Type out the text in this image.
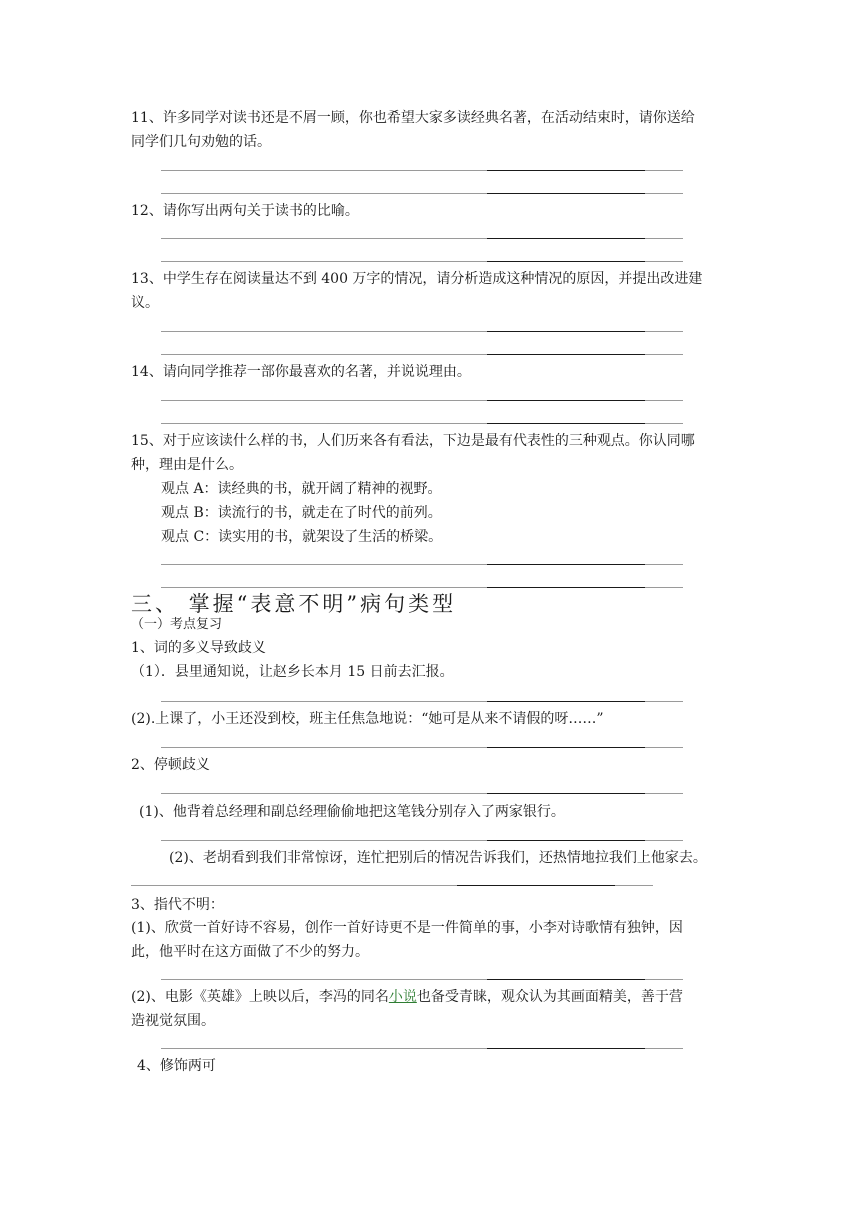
11、许多同学对读书还是不屑一顾，你也希望大家多读经典名著，在活动结束时，请你送给
同学们几句劝勉的话。
12、请你写出两句关于读书的比喻。
13、中学生存在阅读量达不到 400 万字的情况，请分析造成这种情况的原因，并提出改进建
议。
14、请向同学推荐一部你最喜欢的名著，并说说理由。
15、对于应该读什么样的书，人们历来各有看法，下边是最有代表性的三种观点。你认同哪
种，理由是什么。
观点 A：读经典的书，就开阔了精神的视野。
观点 B：读流行的书，就走在了时代的前列。
观点 C：读实用的书，就架设了生活的桥梁。
三、 掌握“表意不明”病句类型
（一）考点复习
1、词的多义导致歧义
（1）．县里通知说，让赵乡长本月 15 日前去汇报。
(2).上课了，小王还没到校，班主任焦急地说：“她可是从来不请假的呀……”
2、停顿歧义
(1)、他背着总经理和副总经理偷偷地把这笔钱分别存入了两家银行。
(2)、老胡看到我们非常惊讶，连忙把别后的情况告诉我们，还热情地拉我们上他家去。
3、指代不明：
(1)、欣赏一首好诗不容易，创作一首好诗更不是一件简单的事，小李对诗歌情有独钟，因
此，他平时在这方面做了不少的努力。
(2)、电影《英雄》上映以后，李冯的同名小说也备受青睐，观众认为其画面精美，善于营
造视觉氛围。
4、修饰两可
